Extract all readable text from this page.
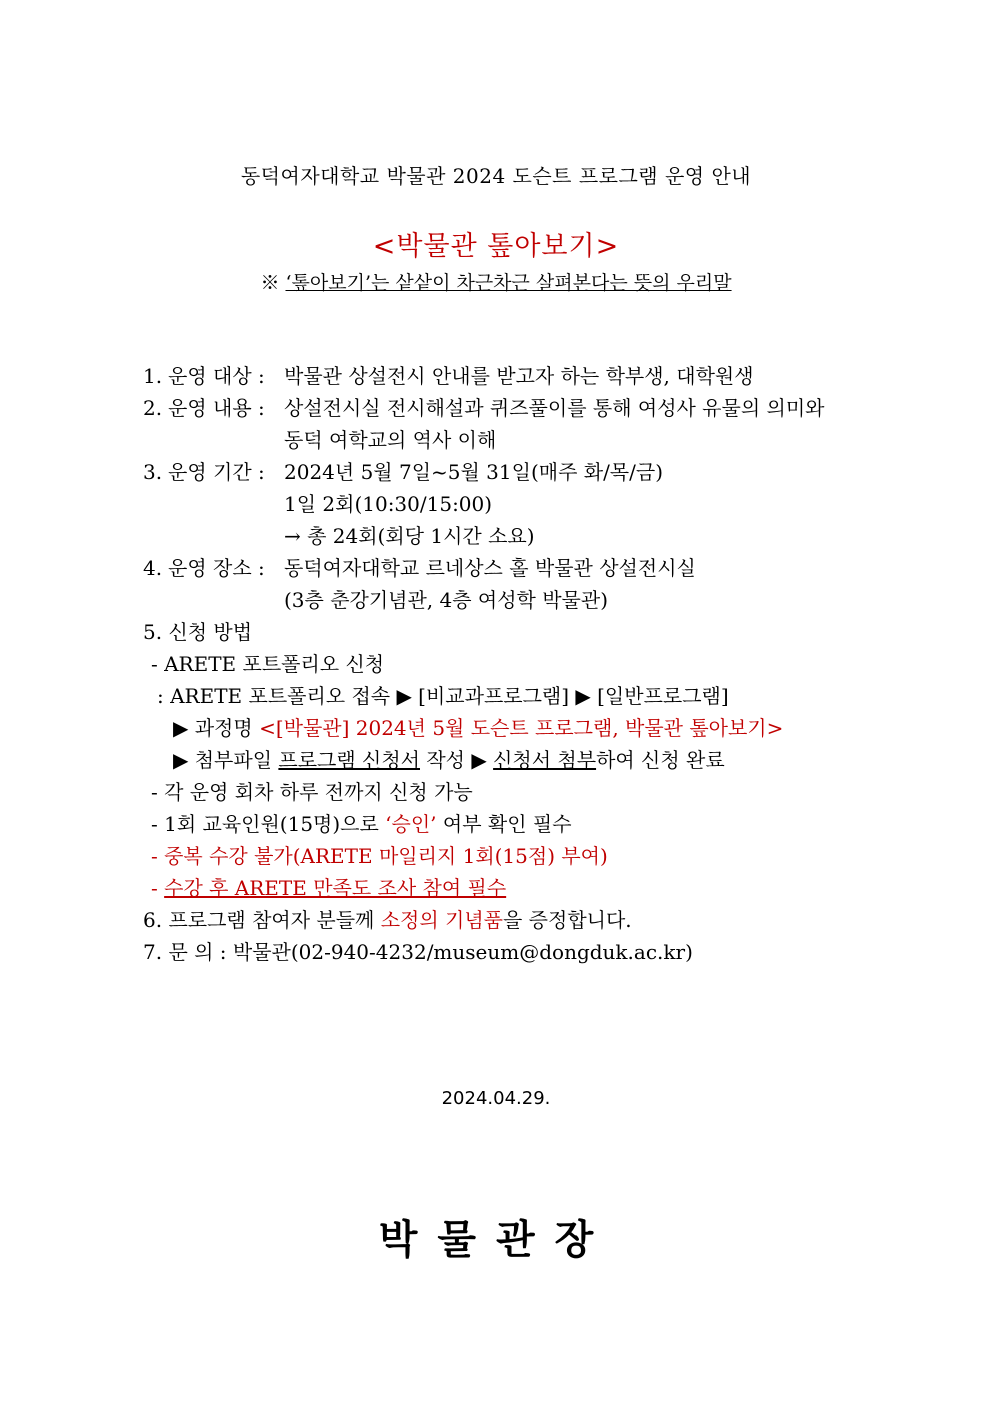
동덕여자대학교 박물관 2024 도슨트 프로그램 운영 안내
<박물관 톺아보기>
※ ‘톺아보기’는 샅샅이 차근차근 살펴본다는 뜻의 우리말
1. 운영 대상 : 박물관 상설전시 안내를 받고자 하는 학부생, 대학원생
2. 운영 내용 : 상설전시실 전시해설과 퀴즈풀이를 통해 여성사 유물의 의미와
동덕 여학교의 역사 이해
3. 운영 기간 : 2024년 5월 7일~5월 31일(매주 화/목/금)
1일 2회(10:30/15:00)
→ 총 24회(회당 1시간 소요)
4. 운영 장소 : 동덕여자대학교 르네상스 홀 박물관 상설전시실
(3층 춘강기념관, 4층 여성학 박물관)
5. 신청 방법
- ARETE 포트폴리오 신청
: ARETE 포트폴리오 접속 ▶ [비교과프로그램] ▶ [일반프로그램]
▶ 과정명 <[박물관] 2024년 5월 도슨트 프로그램, 박물관 톺아보기>
▶ 첨부파일 프로그램 신청서 작성 ▶ 신청서 첨부하여 신청 완료
- 각 운영 회차 하루 전까지 신청 가능
- 1회 교육인원(15명)으로 ‘승인’ 여부 확인 필수
- 중복 수강 불가(ARETE 마일리지 1회(15점) 부여)
- 수강 후 ARETE 만족도 조사 참여 필수
6. 프로그램 참여자 분들께 소정의 기념품을 증정합니다.
7. 문 의 : 박물관(02-940-4232/museum@dongduk.ac.kr)
2024.04.29.
박물관장
